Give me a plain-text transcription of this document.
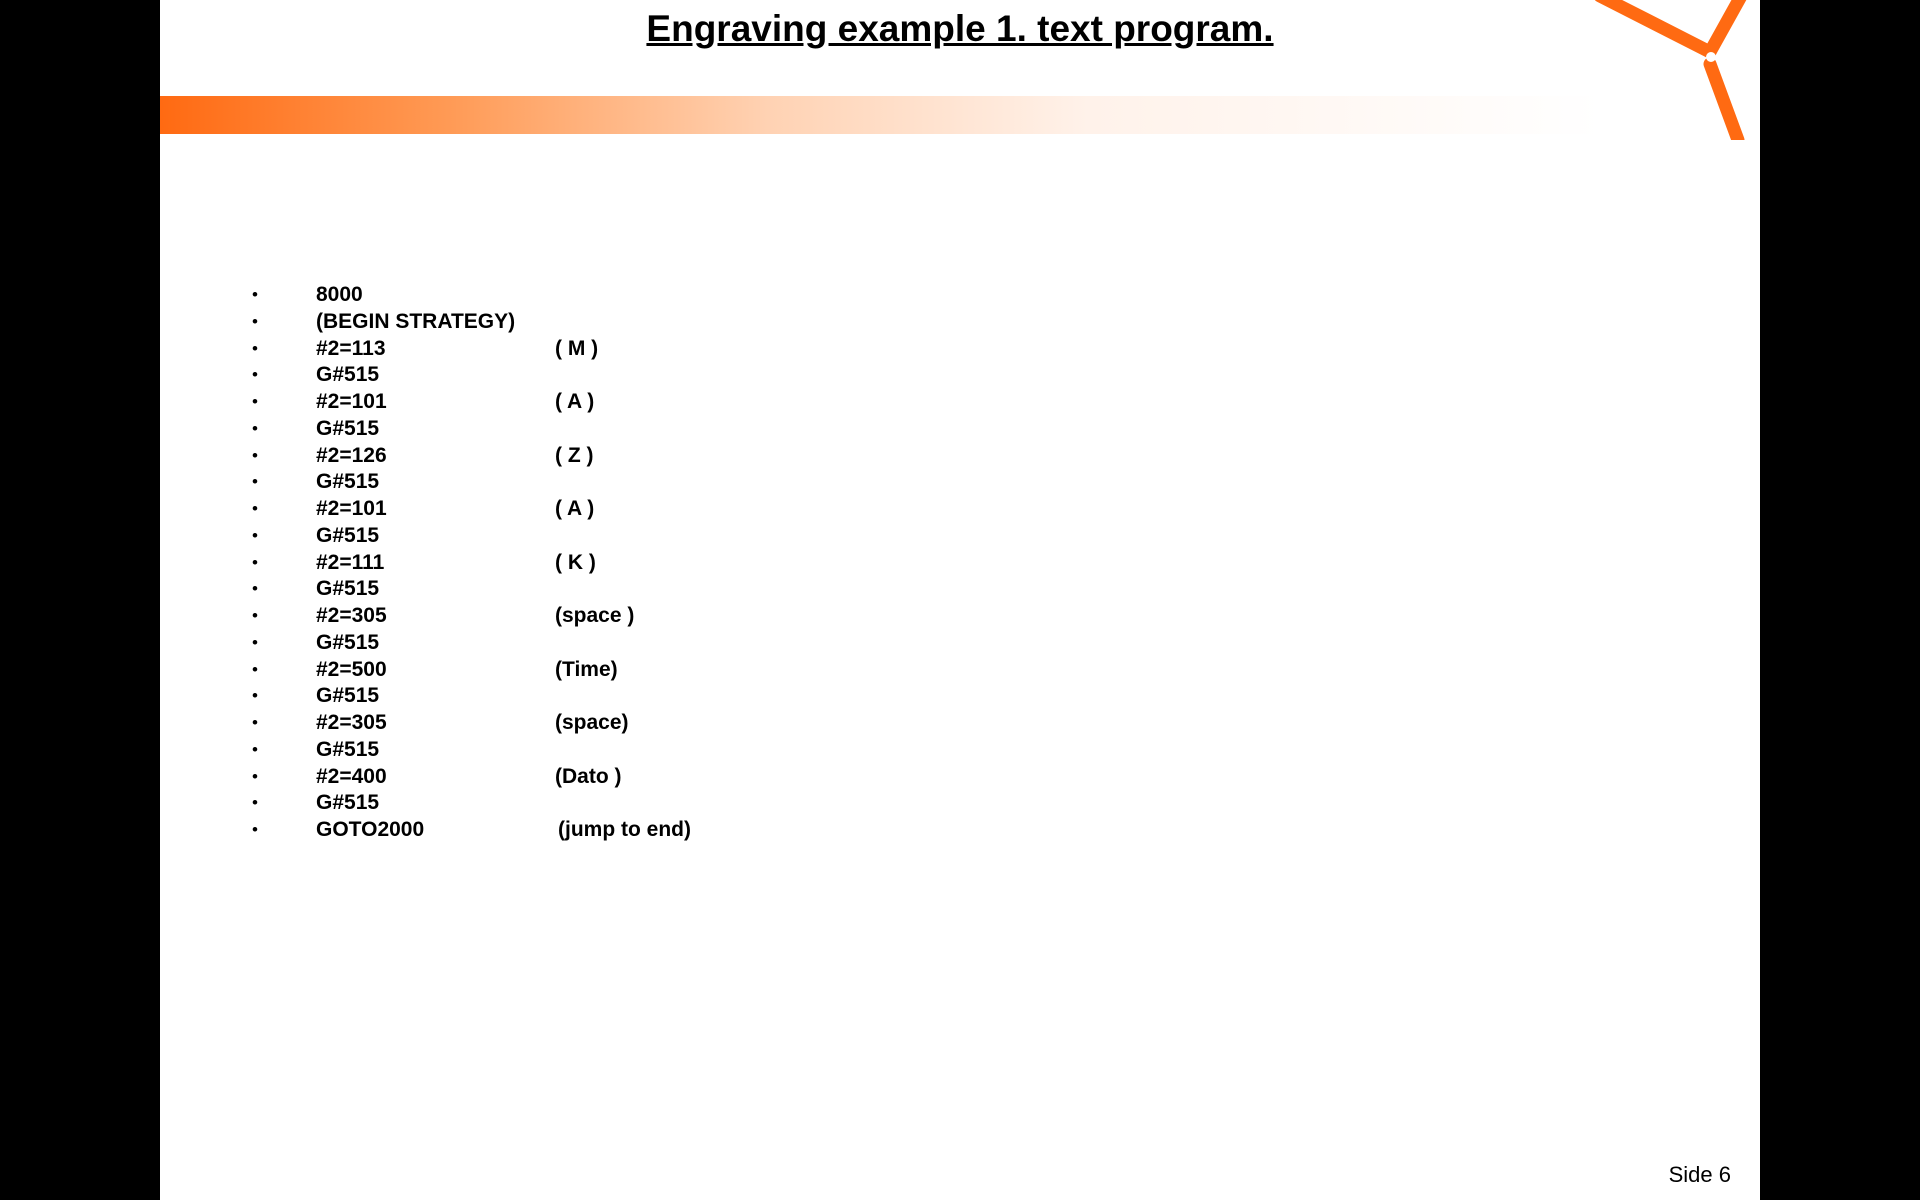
Engraving example 1. text program.
•	8000
•	(BEGIN STRATEGY)
•	#2=113	( M )
•	G#515
•	#2=101	( A )
•	G#515
•	#2=126	( Z )
•	G#515
•	#2=101	( A )
•	G#515
•	#2=111	( K )
•	G#515
•	#2=305	(space )
•	G#515
•	#2=500	(Time)
•	G#515
•	#2=305	(space)
•	G#515
•	#2=400	(Dato )
•	G#515
•	GOTO2000	(jump to end)
Side 6
